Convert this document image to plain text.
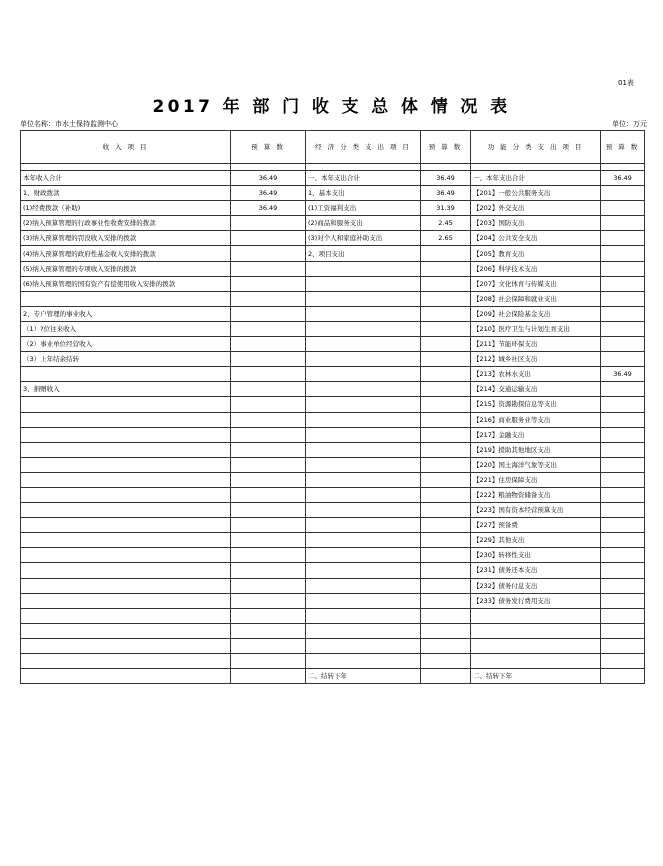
01表
2017 年 部 门 收 支 总 体 情 况 表
单位名称：市水土保持监测中心	单位：万元
收 入 项 目	预 算 数	经 济 分 类 支 出 项 目	预 算 数	功 能 分 类 支 出 项 目	预 算 数

本年收入合计	36.49	一、本年支出合计	36.49	一、本年支出合计	36.49
1、财政拨款	36.49	1、基本支出	36.49	【201】一般公共服务支出	
(1)经费拨款（补助)	36.49	(1)工资福利支出	31.39	【202】外交支出	
(2)纳入预算管理的行政事业性收费安排的拨款		(2)商品和服务支出	2.45	【203】国防支出	
(3)纳入预算管理的罚没收入安排的拨款		(3)对个人和家庭补助支出	2.65	【204】公共安全支出	
(4)纳入预算管理的政府性基金收入安排的拨款		2、项目支出		【205】教育支出	
(5)纳入预算管理的专项收入安排的拨款				【206】科学技术支出	
(6)纳入预算管理的国有资产有偿使用收入安排的拨款				【207】文化体育与传媒支出	
				【208】社会保障和就业支出	
2、专户管理的事业收入				【209】社会保险基金支出	
（1）?位往来收入				【210】医疗卫生与计划生育支出	
（2）事业单位经营收入				【211】节能环保支出	
（3）上年结余结转				【212】城乡社区支出	
				【213】农林水支出	36.49
3、捐赠收入				【214】交通运输支出	
				【215】资源勘探信息等支出	
				【216】商业服务业等支出	
				【217】金融支出	
				【219】援助其他地区支出	
				【220】国土海洋气象等支出	
				【221】住房保障支出	
				【222】粮油物资储备支出	
				【223】国有资本经营预算支出	
				【227】预备费	
				【229】其他支出	
				【230】转移性支出	
				【231】债务还本支出	
				【232】债务付息支出	
				【233】债务发行费用支出	

		二、结转下年		二、结转下年	
